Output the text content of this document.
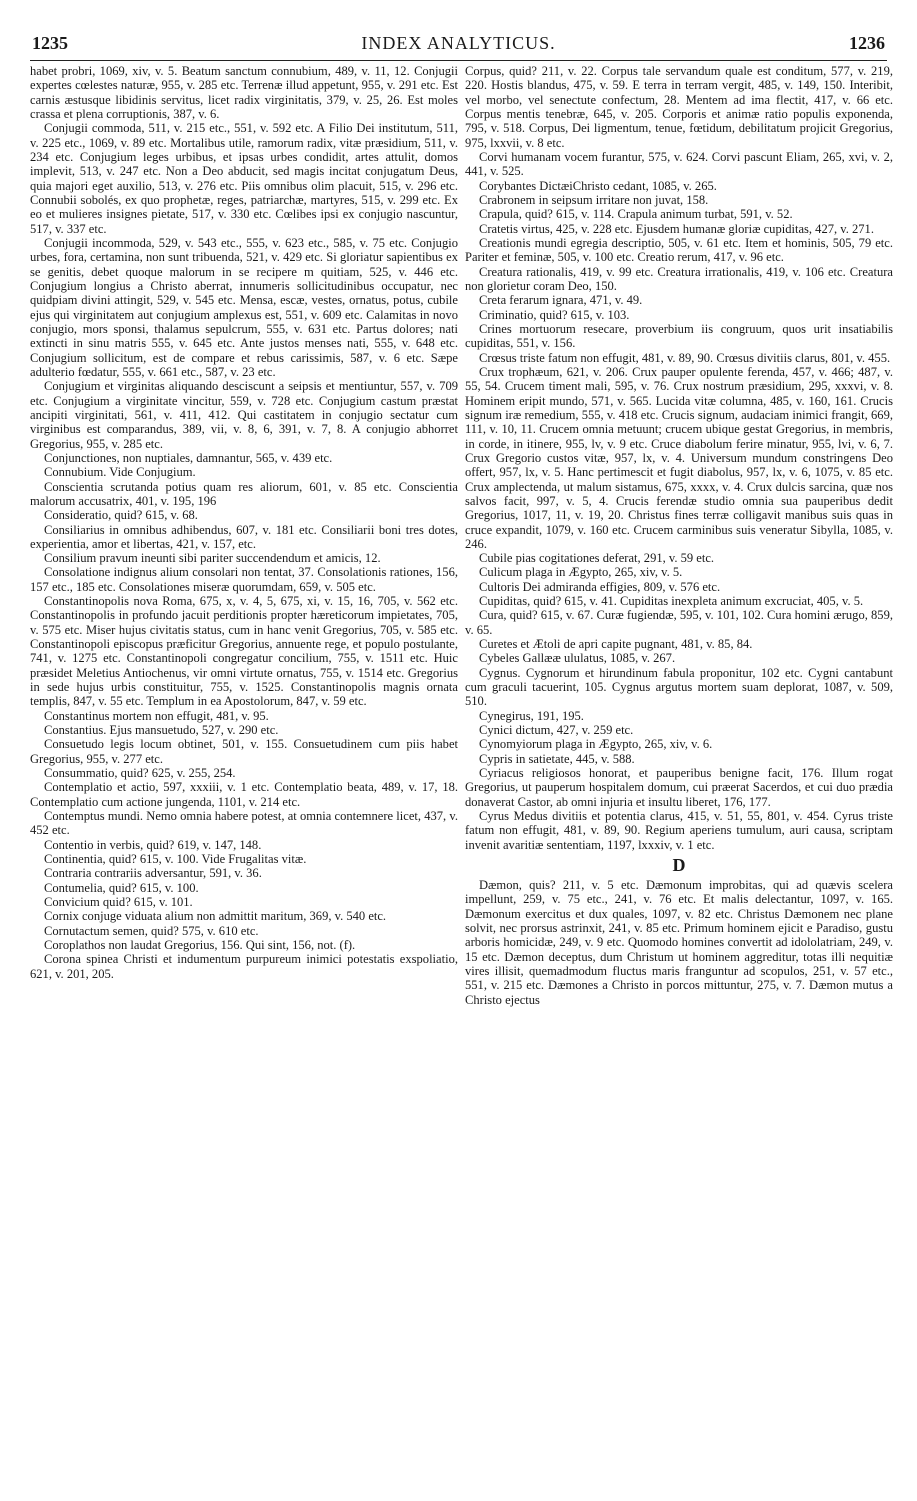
1235	INDEX ANALYTICUS.	1236

habet probri, 1069, xiv, v. 5. Beatum sanctum connubium, 489, v. 11, 12. Conjugii expertes cœlestes naturæ, 955, v. 285 etc. Terrenæ illud appetunt, 955, v. 291 etc. Est carnis æstusque libidinis servitus, licet radix virginitatis, 379, v. 25, 26. Est moles crassa et plena corruptionis, 387, v. 6.

Conjugii commoda, 511, v. 215 etc., 551, v. 592 etc. A Filio Dei institutum, 511, v. 225 etc., 1069, v. 89 etc. Mortalibus utile, ramorum radix, vitæ præsidium, 511, v. 234 etc. Conjugium leges urbibus, et ipsas urbes condidit, artes attulit, domos implevit, 513, v. 247 etc. Non a Deo abducit, sed magis incitat conjugatum Deus, quia majori eget auxilio, 513, v. 276 etc. Piis omnibus olim placuit, 515, v. 296 etc. Connubii sobolés, ex quo prophetæ, reges, patriarchæ, martyres, 515, v. 299 etc. Ex eo et mulieres insignes pietate, 517, v. 330 etc. Cœlibes ipsi ex conjugio nascuntur, 517, v. 337 etc.

Conjugii incommoda, 529, v. 543 etc., 555, v. 623 etc., 585, v. 75 etc. Conjugio urbes, fora, certamina, non sunt tribuenda, 521, v. 429 etc. Si gloriatur sapientibus ex se genitis, debet quoque malorum in se recipere m quitiam, 525, v. 446 etc. Conjugium longius a Christo aberrat, innumeris sollicitudinibus occupatur, nec quidpiam divini attingit, 529, v. 545 etc. Mensa, escæ, vestes, ornatus, potus, cubile ejus qui virginitatem aut conjugium amplexus est, 551, v. 609 etc. Calamitas in novo conjugio, mors sponsi, thalamus sepulcrum, 555, v. 631 etc. Partus dolores; nati extincti in sinu matris 555, v. 645 etc. Ante justos menses nati, 555, v. 648 etc. Conjugium sollicitum, est de compare et rebus carissimis, 587, v. 6 etc. Sæpe adulterio fœdatur, 555, v. 661 etc., 587, v. 23 etc.

Conjugium et virginitas aliquando desciscunt a seipsis et mentiuntur, 557, v. 709 etc. Conjugium a virginitate vincitur, 559, v. 728 etc. Conjugium castum præstat ancipiti virginitati, 561, v. 411, 412. Qui castitatem in conjugio sectatur cum virginibus est comparandus, 389, vii, v. 8, 6, 391, v. 7, 8. A conjugio abhorret Gregorius, 955, v. 285 etc.

Conjunctiones, non nuptiales, damnantur, 565, v. 439 etc.

Connubium. Vide Conjugium.

Conscientia scrutanda potius quam res aliorum, 601, v. 85 etc. Conscientia malorum accusatrix, 401, v. 195, 196

Consideratio, quid? 615, v. 68.

Consiliarius in omnibus adhibendus, 607, v. 181 etc. Consiliarii boni tres dotes, experientia, amor et libertas, 421, v. 157, etc.

Consilium pravum ineunti sibi pariter succendendum et amicis, 12.

Consolatione indignus alium consolari non tentat, 37. Consolationis rationes, 156, 157 etc., 185 etc. Consolationes miseræ quorumdam, 659, v. 505 etc.

Constantinopolis nova Roma, 675, x, v. 4, 5, 675, xi, v. 15, 16, 705, v. 562 etc. Constantinopolis in profundo jacuit perditionis propter hæreticorum impietates, 705, v. 575 etc. Miser hujus civitatis status, cum in hanc venit Gregorius, 705, v. 585 etc. Constantinopoli episcopus præficitur Gregorius, annuente rege, et populo postulante, 741, v. 1275 etc. Constantinopoli congregatur concilium, 755, v. 1511 etc. Huic præsidet Meletius Antiochenus, vir omni virtute ornatus, 755, v. 1514 etc. Gregorius in sede hujus urbis constituitur, 755, v. 1525. Constantinopolis magnis ornata templis, 847, v. 55 etc. Templum in ea Apostolorum, 847, v. 59 etc.

Constantinus mortem non effugit, 481, v. 95.

Constantius. Ejus mansuetudo, 527, v. 290 etc.

Consuetudo legis locum obtinet, 501, v. 155. Consuetudinem cum piis habet Gregorius, 955, v. 277 etc.

Consummatio, quid? 625, v. 255, 254.

Contemplatio et actio, 597, xxxiii, v. 1 etc. Contemplatio beata, 489, v. 17, 18. Contemplatio cum actione jungenda, 1101, v. 214 etc.

Contemptus mundi. Nemo omnia habere potest, at omnia contemnere licet, 437, v. 452 etc.

Contentio in verbis, quid? 619, v. 147, 148.

Continentia, quid? 615, v. 100. Vide Frugalitas vitæ.

Contraria contrariis adversantur, 591, v. 36.

Contumelia, quid? 615, v. 100.

Convicium quid? 615, v. 101.

Cornix conjuge viduata alium non admittit maritum, 369, v. 540 etc.

Cornutactum semen, quid? 575, v. 610 etc.

Coroplathos non laudat Gregorius, 156. Qui sint, 156, not. (f).

Corona spinea Christi et indumentum purpureum inimici potestatis exspoliatio, 621, v. 201, 205.

Corpus, quid? 211, v. 22. Corpus tale servandum quale est conditum, 577, v. 219, 220. Hostis blandus, 475, v. 59. E terra in terram vergit, 485, v. 149, 150. Interibit, vel morbo, vel senectute confectum, 28. Mentem ad ima flectit, 417, v. 66 etc. Corpus mentis tenebræ, 645, v. 205. Corporis et animæ ratio populis exponenda, 795, v. 518. Corpus, Dei ligmentum, tenue, fœtidum, debilitatum projicit Gregorius, 975, lxxvii, v. 8 etc.

Corvi humanam vocem furantur, 575, v. 624. Corvi pascunt Eliam, 265, xvi, v. 2, 441, v. 525.

Corybantes DictæiChristo cedant, 1085, v. 265.

Crabronem in seipsum irritare non juvat, 158.

Crapula, quid? 615, v. 114. Crapula animum turbat, 591, v. 52.

Cratetis virtus, 425, v. 228 etc. Ejusdem humanæ gloriæ cupiditas, 427, v. 271.

Creationis mundi egregia descriptio, 505, v. 61 etc. Item et hominis, 505, 79 etc. Pariter et feminæ, 505, v. 100 etc. Creatio rerum, 417, v. 96 etc.

Creatura rationalis, 419, v. 99 etc. Creatura irrationalis, 419, v. 106 etc. Creatura non glorietur coram Deo, 150.

Creta ferarum ignara, 471, v. 49.

Criminatio, quid? 615, v. 103.

Crines mortuorum resecare, proverbium iis congruum, quos urit insatiabilis cupiditas, 551, v. 156.

Crœsus triste fatum non effugit, 481, v. 89, 90. Crœsus divitiis clarus, 801, v. 455.

Crux trophæum, 621, v. 206. Crux pauper opulente ferenda, 457, v. 466; 487, v. 55, 54. Crucem timent mali, 595, v. 76. Crux nostrum præsidium, 295, xxxvi, v. 8. Hominem eripit mundo, 571, v. 565. Lucida vitæ columna, 485, v. 160, 161. Crucis signum iræ remedium, 555, v. 418 etc. Crucis signum, audaciam inimici frangit, 669, 111, v. 10, 11. Crucem omnia metuunt; crucem ubique gestat Gregorius, in membris, in corde, in itinere, 955, lv, v. 9 etc. Cruce diabolum ferire minatur, 955, lvi, v. 6, 7. Crux Gregorio custos vitæ, 957, lx, v. 4. Universum mundum constringens Deo offert, 957, lx, v. 5. Hanc pertimescit et fugit diabolus, 957, lx, v. 6, 1075, v. 85 etc. Crux amplectenda, ut malum sistamus, 675, xxxx, v. 4. Crux dulcis sarcina, quæ nos salvos facit, 997, v. 5, 4. Crucis ferendæ studio omnia sua pauperibus dedit Gregorius, 1017, 11, v. 19, 20. Christus fines terræ colligavit manibus suis quas in cruce expandit, 1079, v. 160 etc. Crucem carminibus suis veneratur Sibylla, 1085, v. 246.

Cubile pias cogitationes deferat, 291, v. 59 etc.

Culicum plaga in Ægypto, 265, xiv, v. 5.

Cultoris Dei admiranda effigies, 809, v. 576 etc.

Cupiditas, quid? 615, v. 41. Cupiditas inexpleta animum excruciat, 405, v. 5.

Cura, quid? 615, v. 67. Curæ fugiendæ, 595, v. 101, 102. Cura homini ærugo, 859, v. 65.

Curetes et Ætoli de apri capite pugnant, 481, v. 85, 84.

Cybeles Gallææ ululatus, 1085, v. 267.

Cygnus. Cygnorum et hirundinum fabula proponitur, 102 etc. Cygni cantabunt cum graculi tacuerint, 105. Cygnus argutus mortem suam deplorat, 1087, v. 509, 510.

Cynegirus, 191, 195.

Cynici dictum, 427, v. 259 etc.

Cynomyiorum plaga in Ægypto, 265, xiv, v. 6.

Cypris in satietate, 445, v. 588.

Cyriacus religiosos honorat, et pauperibus benigne facit, 176. Illum rogat Gregorius, ut pauperum hospitalem domum, cui præerat Sacerdos, et cui duo prædia donaverat Castor, ab omni injuria et insultu liberet, 176, 177.

Cyrus Medus divitiis et potentia clarus, 415, v. 51, 55, 801, v. 454. Cyrus triste fatum non effugit, 481, v. 89, 90. Regium aperiens tumulum, auri causa, scriptam invenit avaritiæ sententiam, 1197, lxxxiv, v. 1 etc.

D

Dæmon, quis? 211, v. 5 etc. Dæmonum improbitas, qui ad quævis scelera impellunt, 259, v. 75 etc., 241, v. 76 etc. Et malis delectantur, 1097, v. 165. Dæmonum exercitus et dux quales, 1097, v. 82 etc. Christus Dæmonem nec plane solvit, nec prorsus astrinxit, 241, v. 85 etc. Primum hominem ejicit e Paradiso, gustu arboris homicidæ, 249, v. 9 etc. Quomodo homines convertit ad idololatriam, 249, v. 15 etc. Dæmon deceptus, dum Christum ut hominem aggreditur, totas illi nequitiæ vires illisit, quemadmodum fluctus maris franguntur ad scopulos, 251, v. 57 etc., 551, v. 215 etc. Dæmones a Christo in porcos mittuntur, 275, v. 7. Dæmon mutus a Christo ejectus
